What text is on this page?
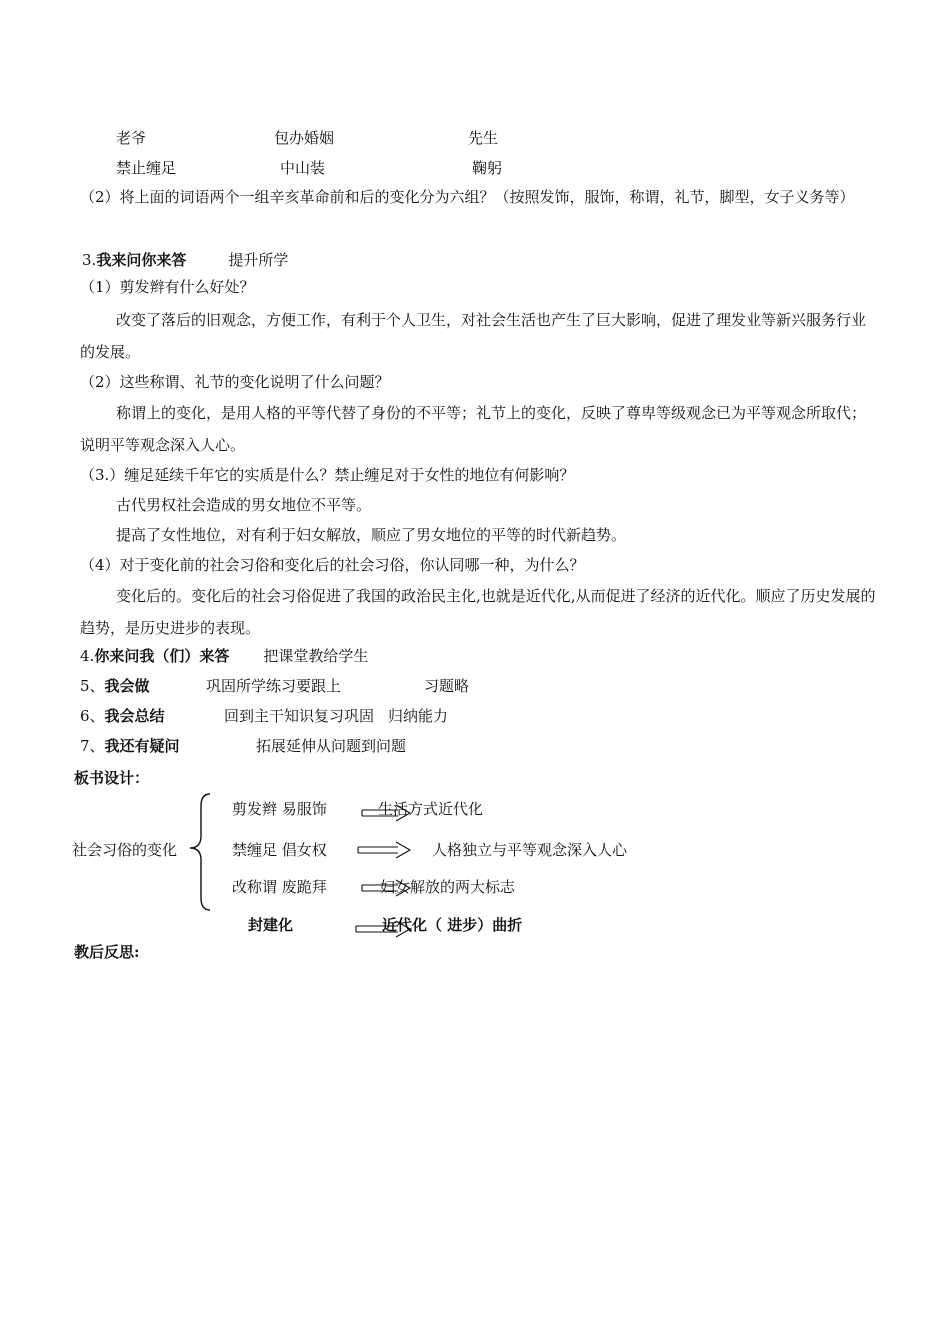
老爷	包办婚姻	先生
禁止缠足	中山装	鞠躬
（2）将上面的词语两个一组辛亥革命前和后的变化分为六组？（按照发饰，服饰，称谓，礼节，脚型，女子义务等）
3.我来问你来答	提升所学
（1）剪发辫有什么好处？
改变了落后的旧观念，方便工作，有利于个人卫生，对社会生活也产生了巨大影响，促进了理发业等新兴服务行业的发展。
（2）这些称谓、礼节的变化说明了什么问题？
称谓上的变化，是用人格的平等代替了身份的不平等；礼节上的变化，反映了尊卑等级观念已为平等观念所取代；说明平等观念深入人心。
（3.）缠足延续千年它的实质是什么？禁止缠足对于女性的地位有何影响？
古代男权社会造成的男女地位不平等。
提高了女性地位，对有利于妇女解放，顺应了男女地位的平等的时代新趋势。
（4）对于变化前的社会习俗和变化后的社会习俗，你认同哪一种，为什么？
变化后的。变化后的社会习俗促进了我国的政治民主化,也就是近代化,从而促进了经济的近代化。顺应了历史发展的趋势，是历史进步的表现。
4.你来问我（们）来答 把课堂教给学生
5、我会做	巩固所学练习要跟上	习题略
6、我会总结	回到主干知识复习巩固 归纳能力
7、我还有疑问	拓展延伸从问题到问题
板书设计：
社会习俗的变化
剪发辫 易服饰	生活方式近代化
禁缠足 倡女权	人格独立与平等观念深入人心
改称谓 废跪拜	妇女解放的两大标志
封建化	近代化（ 进步）曲折
教后反思:
